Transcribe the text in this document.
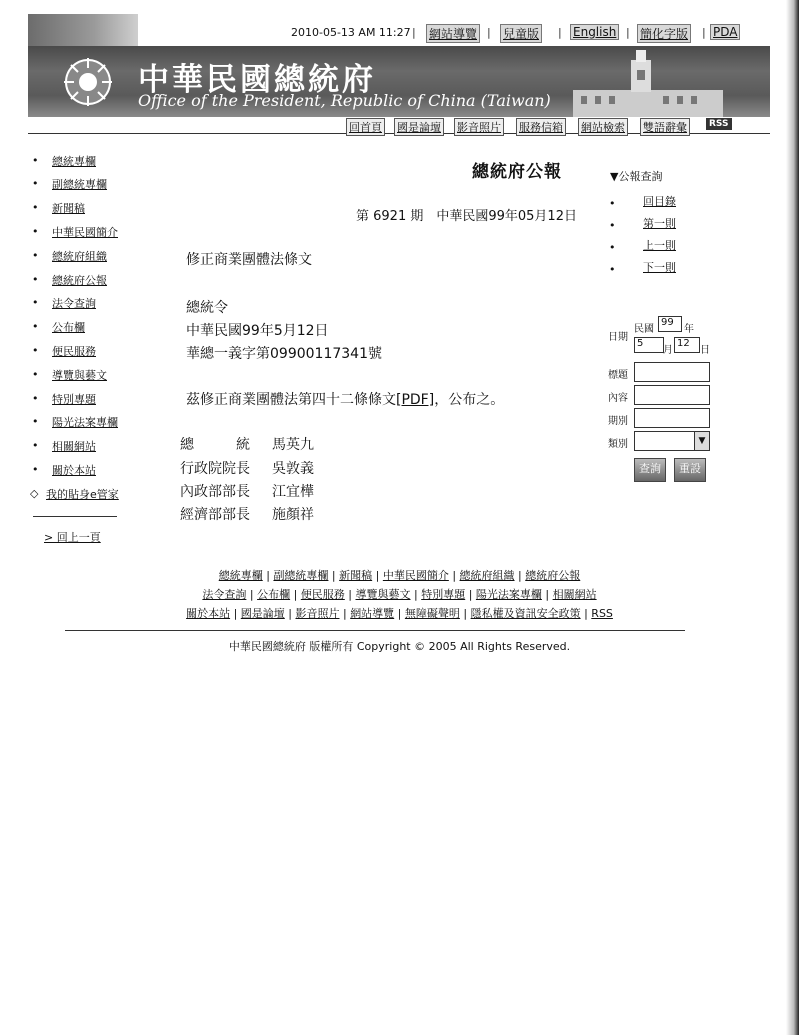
2010-05-13 AM 11:27 | 網站導覽 | 兒童版 | English | 簡化字版 | PDA
中華民國總統府
Office of the President, Republic of China (Taiwan)
回首頁 國是論壇 影音照片 服務信箱 網站檢索 雙語辭彙	RSS
• 總統專欄
• 副總統專欄
• 新聞稿
• 中華民國簡介
• 總統府組織
• 總統府公報
• 法令查詢
• 公布欄
• 便民服務
• 導覽與藝文
• 特別專題
• 陽光法案專欄
• 相關網站
• 關於本站
◇ 我的貼身e管家
> 回上一頁
總統府公報
第 6921 期　中華民國99年05月12日
修正商業團體法條文
總統令
中華民國99年5月12日
華總一義字第09900117341號
茲修正商業團體法第四十二條條文[PDF]，公布之。
總　　　統 馬英九
行政院院長 吳敦義
內政部部長 江宜樺
經濟部部長 施顏祥
▼公報查詢
•	回目錄
•	第一則
•	上一則
•	下一則
日期
民國
99
年
5
月
12
日
標題
內容
期別
類別	▼
查詢	重設
總統專欄 | 副總統專欄 | 新聞稿 | 中華民國簡介 | 總統府組織 | 總統府公報
法令查詢 | 公布欄 | 便民服務 | 導覽與藝文 | 特別專題 | 陽光法案專欄 | 相關網站
關於本站 | 國是論壇 | 影音照片 | 網站導覽 | 無障礙聲明 | 隱私權及資訊安全政策 | RSS
中華民國總統府 版權所有 Copyright © 2005 All Rights Reserved.
